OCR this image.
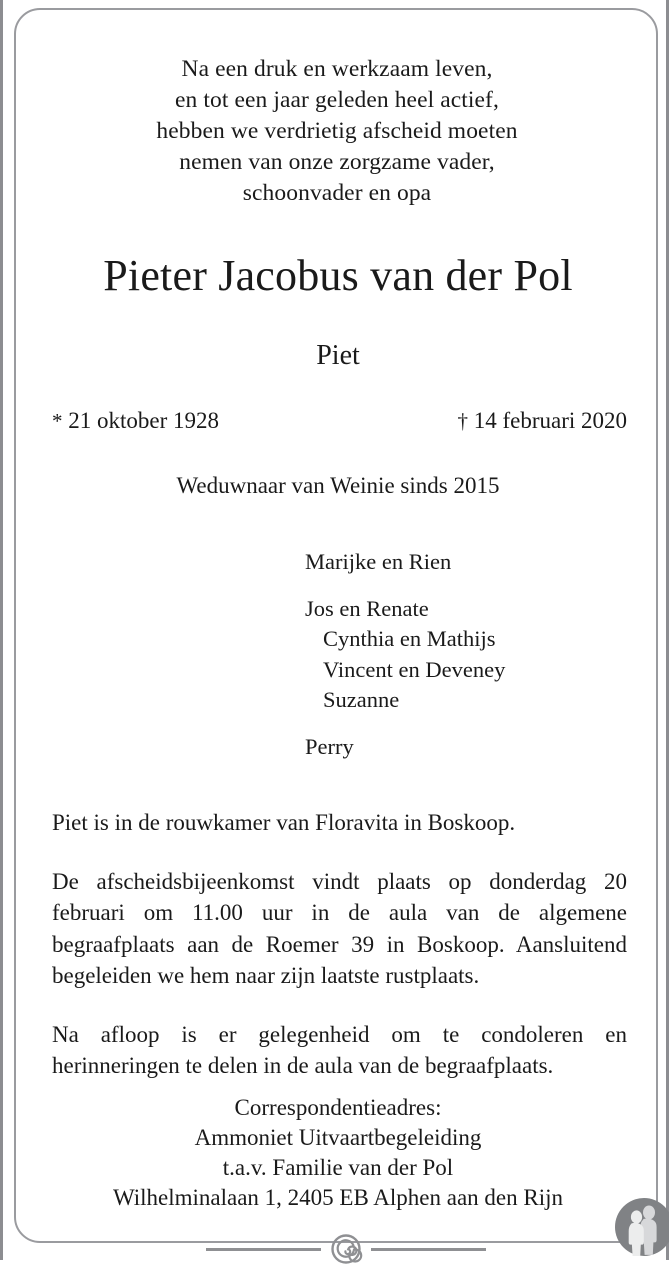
Na een druk en werkzaam leven,
en tot een jaar geleden heel actief,
hebben we verdrietig afscheid moeten
nemen van onze zorgzame vader,
schoonvader en opa
Pieter Jacobus van der Pol
Piet
* 21 oktober 1928	† 14 februari 2020
Weduwnaar van Weinie sinds 2015
Marijke en Rien
Jos en Renate
Cynthia en Mathijs
Vincent en Deveney
Suzanne
Perry

Piet is in de rouwkamer van Floravita in Boskoop.

De afscheidsbijeenkomst vindt plaats op donderdag 20 februari om 11.00 uur in de aula van de algemene begraafplaats aan de Roemer 39 in Boskoop. Aansluitend begeleiden we hem naar zijn laatste rustplaats.

Na afloop is er gelegenheid om te condoleren en herinneringen te delen in de aula van de begraafplaats.

Correspondentieadres:
Ammoniet Uitvaartbegeleiding
t.a.v. Familie van der Pol
Wilhelminalaan 1, 2405 EB Alphen aan den Rijn
